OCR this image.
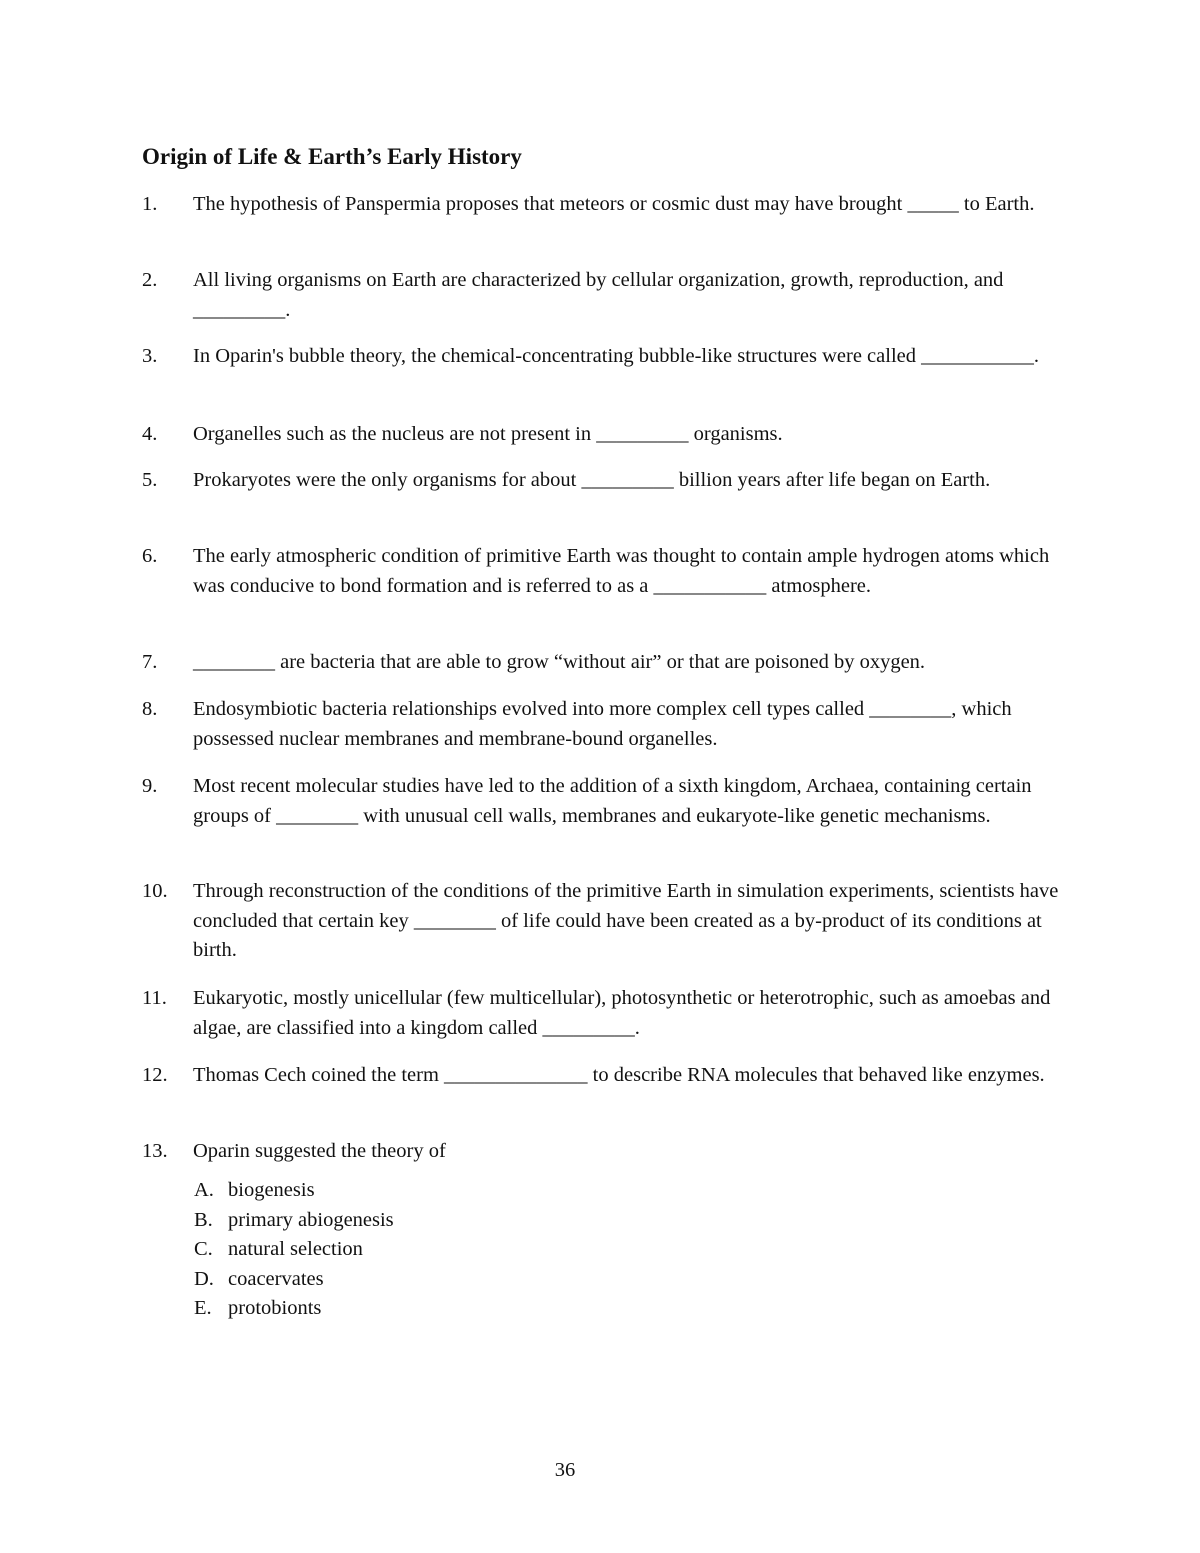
Origin of Life & Earth’s Early History
1. The hypothesis of Panspermia proposes that meteors or cosmic dust may have brought _____ to Earth.
2. All living organisms on Earth are characterized by cellular organization, growth, reproduction, and _________.
3. In Oparin's bubble theory, the chemical-concentrating bubble-like structures were called ___________.
4. Organelles such as the nucleus are not present in _________ organisms.
5. Prokaryotes were the only organisms for about _________ billion years after life began on Earth.
6. The early atmospheric condition of primitive Earth was thought to contain ample hydrogen atoms which was conducive to bond formation and is referred to as a ___________ atmosphere.
7. ________ are bacteria that are able to grow “without air” or that are poisoned by oxygen.
8. Endosymbiotic bacteria relationships evolved into more complex cell types called ________, which possessed nuclear membranes and membrane-bound organelles.
9. Most recent molecular studies have led to the addition of a sixth kingdom, Archaea, containing certain groups of ________ with unusual cell walls, membranes and eukaryote-like genetic mechanisms.
10. Through reconstruction of the conditions of the primitive Earth in simulation experiments, scientists have concluded that certain key ________ of life could have been created as a by-product of its conditions at birth.
11. Eukaryotic, mostly unicellular (few multicellular), photosynthetic or heterotrophic, such as amoebas and algae, are classified into a kingdom called _________.
12. Thomas Cech coined the term ______________ to describe RNA molecules that behaved like enzymes.
13. Oparin suggested the theory of
A. biogenesis
B. primary abiogenesis
C. natural selection
D. coacervates
E. protobionts
36
